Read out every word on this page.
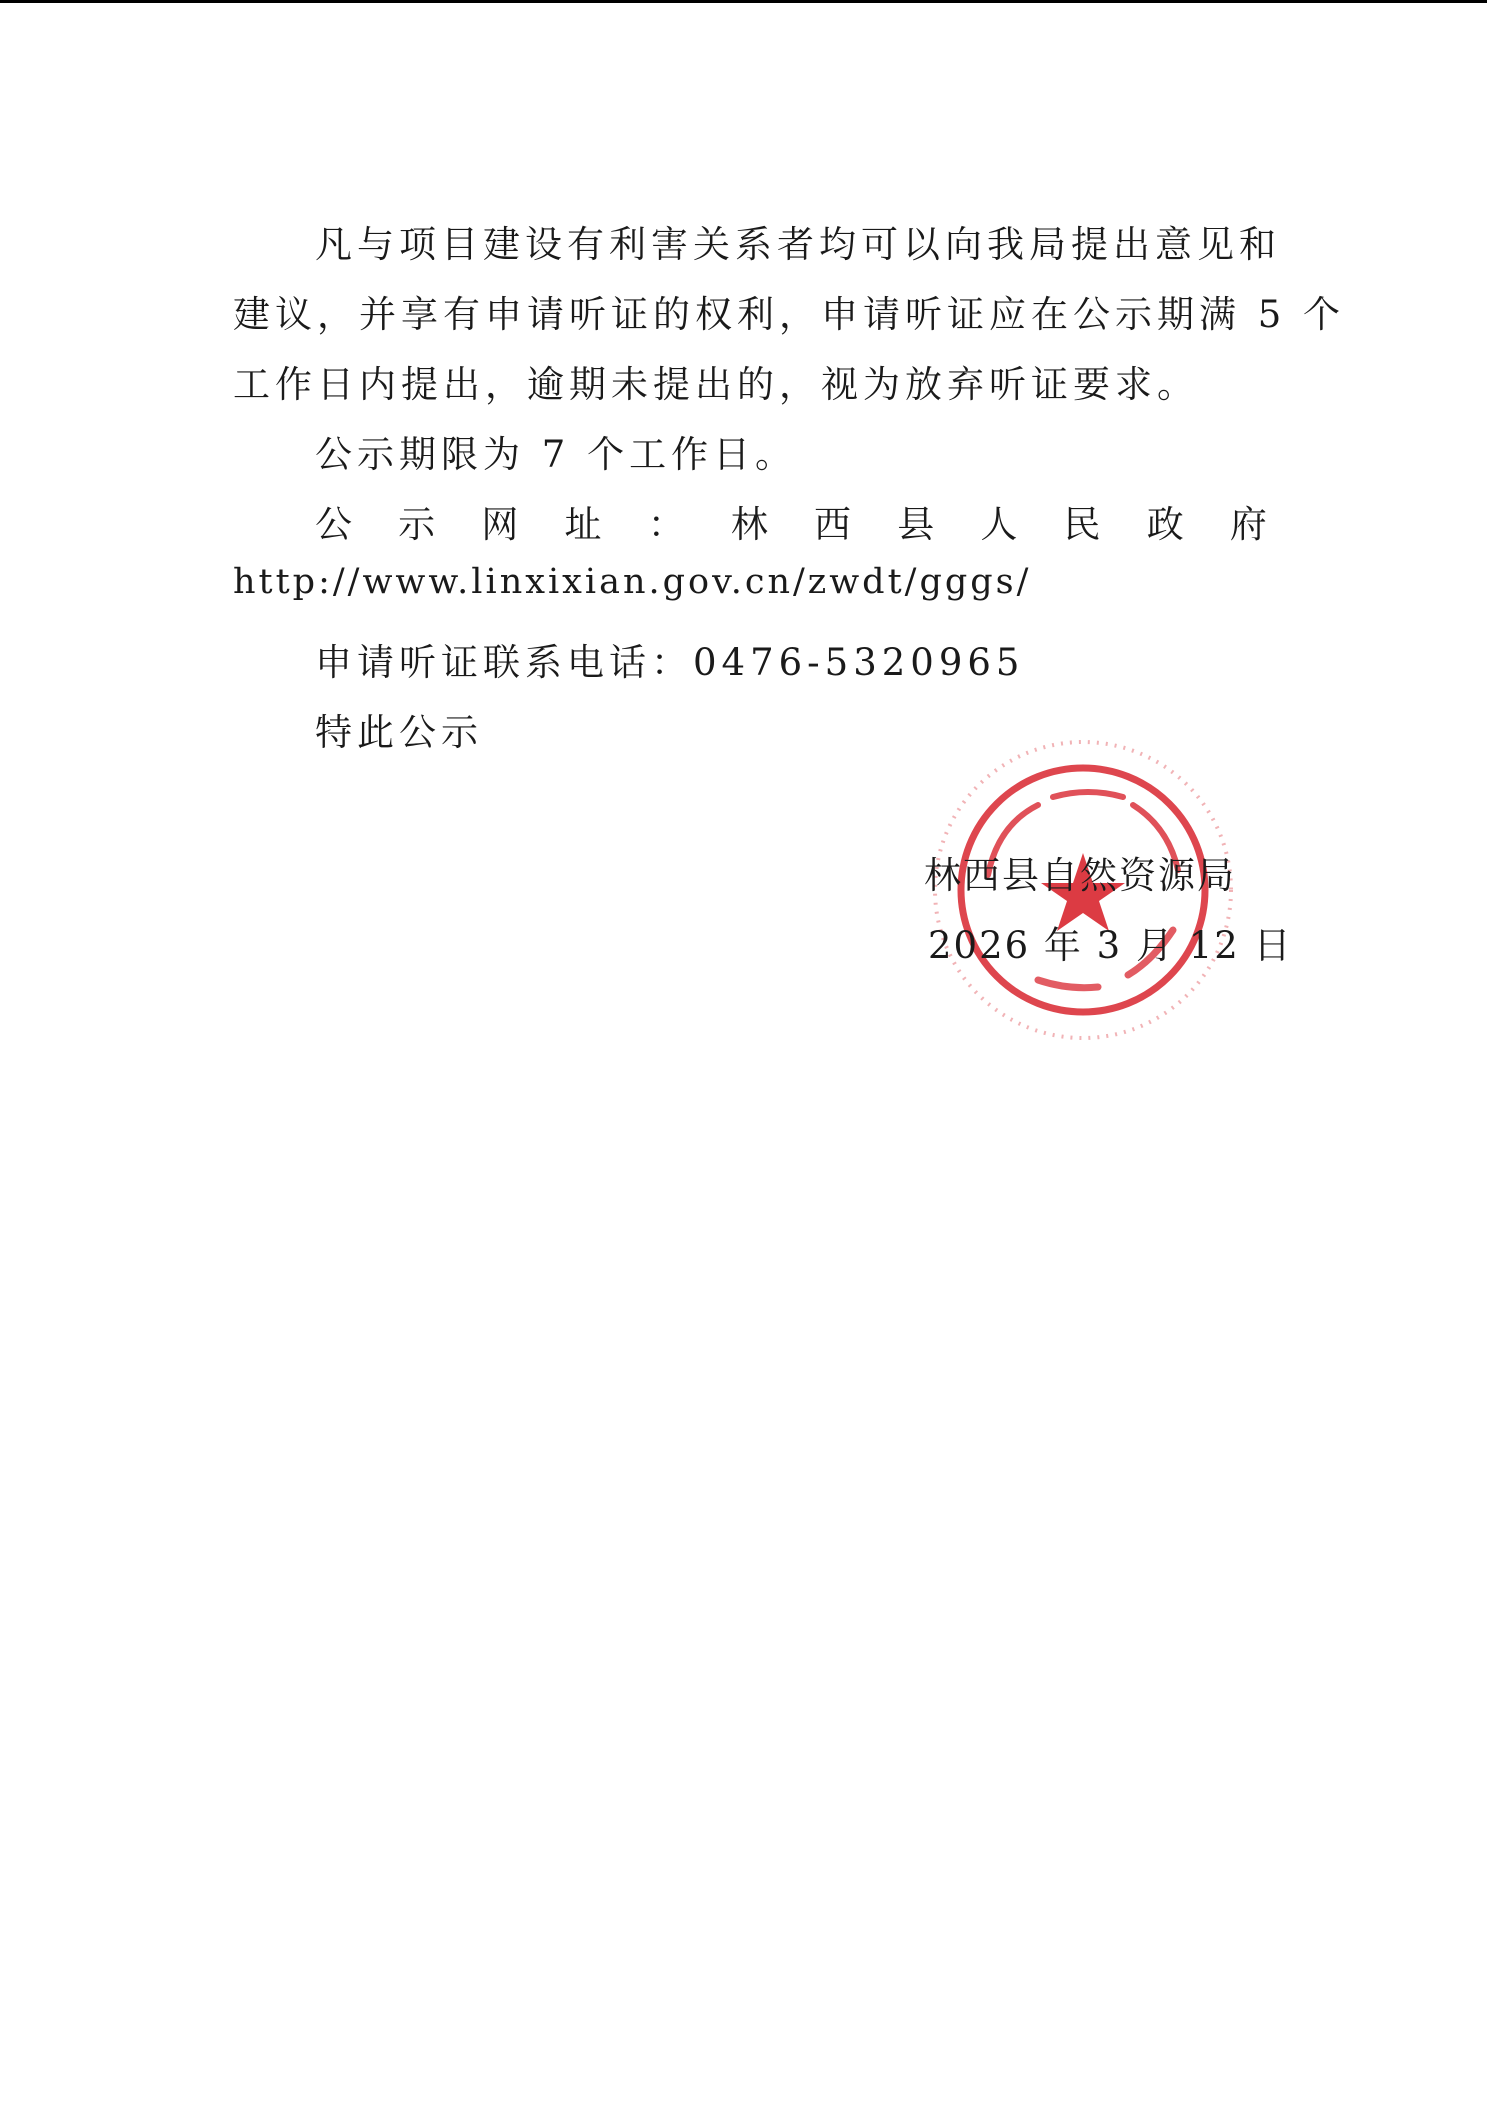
凡与项目建设有利害关系者均可以向我局提出意见和
建议，并享有申请听证的权利，申请听证应在公示期满 5 个
工作日内提出，逾期未提出的，视为放弃听证要求。
公示期限为 7 个工作日。
公 示 网 址 ： 林 西 县 人 民 政 府
http://www.linxixian.gov.cn/zwdt/gggs/
申请听证联系电话：0476-5320965
特此公示
林西县自然资源局
2026 年 3 月 12 日
